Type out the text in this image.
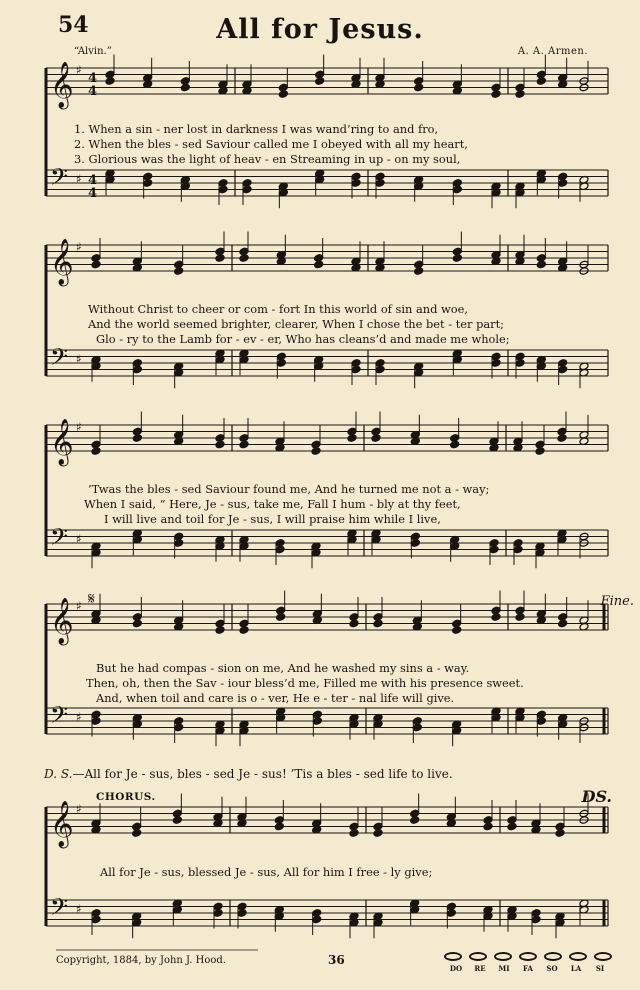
𝄞 ♯
4
4
𝄢 ♯ 4
4
𝄞 ♯
𝄢 ♯
𝄞 ♯
𝄢 ♯
𝄞 ♯
𝄢 ♯
𝄞 ♯
𝄢 ♯
𝄋
54	All for Jesus.
“Alvin.”	A. A. Armen.
1. When a sin - ner lost in darkness I was wand’ring to and fro,
2. When the bles - sed Saviour called me I obeyed with all my heart,
3. Glorious was the light of heav - en Streaming in up - on my soul,
Without Christ to cheer or com - fort In this world of sin and woe,
And the world seemed brighter, clearer, When I chose the bet - ter part;
Glo - ry to the Lamb for - ev - er, Who has cleans’d and made me whole;
’Twas the bles - sed Saviour found me, And he turned me not a - way;
When I said, “ Here, Je - sus, take me, Fall I hum - bly at thy feet,
I will live and toil for Je - sus, I will praise him while I live,
But he had compas - sion on me, And he washed my sins a - way.
Then, oh, then the Sav - iour bless’d me, Filled me with his presence sweet.
And, when toil and care is o - ver, He e - ter - nal life will give.
All for Je - sus, blessed Je - sus, All for him I free - ly give;
Fine.
D. S.—All for Je - sus, bles - sed Je - sus! ’Tis a bles - sed life to live.
CHORUS.	DS.
Copyright, 1884, by John J. Hood.	36
DO	RE	MI	FA	SO	LA	SI
